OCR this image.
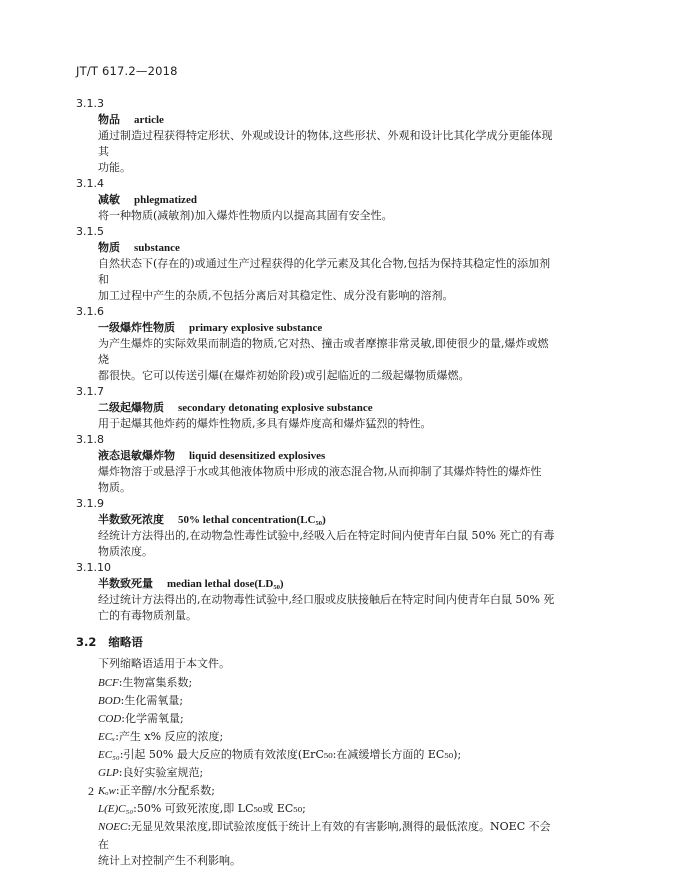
JT/T 617.2—2018
3.1.3
物品 article

通过制造过程获得特定形状、外观或设计的物体,这些形状、外观和设计比其化学成分更能体现其

功能。

3.1.4
减敏 phlegmatized

将一种物质(减敏剂)加入爆炸性物质内以提高其固有安全性。

3.1.5
物质 substance

自然状态下(存在的)或通过生产过程获得的化学元素及其化合物,包括为保持其稳定性的添加剂和

加工过程中产生的杂质,不包括分离后对其稳定性、成分没有影响的溶剂。

3.1.6
一级爆炸性物质 primary explosive substance

为产生爆炸的实际效果而制造的物质,它对热、撞击或者摩擦非常灵敏,即使很少的量,爆炸或燃烧

都很快。它可以传送引爆(在爆炸初始阶段)或引起临近的二级起爆物质爆燃。

3.1.7
二级起爆物质 secondary detonating explosive substance

用于起爆其他炸药的爆炸性物质,多具有爆炸度高和爆炸猛烈的特性。

3.1.8
液态退敏爆炸物 liquid desensitized explosives

爆炸物溶于或悬浮于水或其他液体物质中形成的液态混合物,从而抑制了其爆炸特性的爆炸性

物质。

3.1.9
半数致死浓度 50% lethal concentration(LC₅₀)

经统计方法得出的,在动物急性毒性试验中,经吸入后在特定时间内使青年白鼠 50% 死亡的有毒

物质浓度。

3.1.10
半数致死量 median lethal dose(LD₅₀)

经过统计方法得出的,在动物毒性试验中,经口服或皮肤接触后在特定时间内使青年白鼠 50% 死

亡的有毒物质剂量。

3.2 缩略语
下列缩略语适用于本文件。
BCF:生物富集系数;
BOD:生化需氧量;
COD:化学需氧量;
ECₓ:产生 x% 反应的浓度;
EC₅₀:引起 50% 最大反应的物质有效浓度(ErC₅₀:在减缓增长方面的 EC₅₀);
GLP:良好实验室规范;
Kₒw:正辛醇/水分配系数;
L(E)C₅₀:50% 可致死浓度,即 LC₅₀或 EC₅₀;
NOEC:无显见效果浓度,即试验浓度低于统计上有效的有害影响,测得的最低浓度。NOEC 不会在
统计上对控制产生不利影响。
2
